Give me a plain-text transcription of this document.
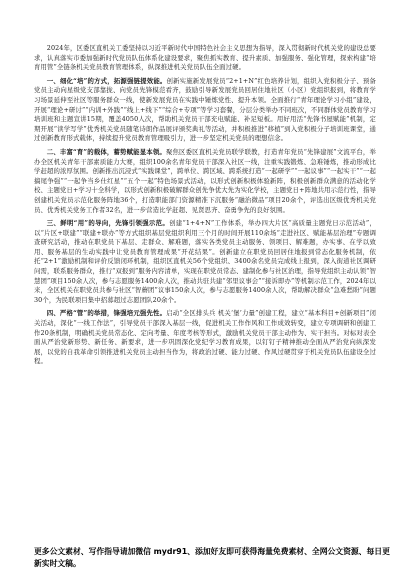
2024年，区委区直机关工委坚持以习近平新时代中国特色社会主义思想为指导，深入贯彻新时代机关党的建设总要求，认真落实市委加强新时代党员队伍体系化建设要求，聚焦抓实教育、提升素质、加强服务、强化管理，探索构建“培育用管”全链条机关党员教育管理体系，纵深推进机关党员队伍全面过硬。

一、细化“培”的方式，拓源强链提效能。创新实施新发展党员“2+1+N”红色培养计划，组织入党积极分子、预备党员主动向星级党支部靠拢、向党员先锋模范看齐，鼓励引导新发展党员回居住地社区（小区）党组织报到，将教育学习场景延伸至社区等服务群众一线，使新发展党员在实践中锤炼党性、提升本领。全面推行“青年理论学习小组”建设，开展“理论+研讨”“内训+外践”“线上+线下”“综合+专项”等学习套餐，分层分类举办不同班次，不同群体党员教育学习培训班和主题宣讲15期，覆盖4050人次，帮助机关党员干部充电赋能、补足短板。用好用活“先锋书屋赋能”机制，定期开展“读学写学”优秀机关党员随笔诗朗作品展评颁奖典礼等活动，并积极推进“移植”到入党积极分子培训班课堂，通过创新教育形式载体，持续提升党员教育管理吸引力，进一步坚定机关党员的理想信念。

二、丰富“育”的载体，蓄势赋能显本领。聚焦区委区直机关党员联学联教，打造青年党员“先锋建展”文流平台，举办全区机关青年干部素质能力大赛，组织100余名青年党员干部深入社区一线，注重实践锻炼、急难锤炼，推动形成比学赶超的浓厚氛围。创新推出沉浸式“实践课堂”，跨单位、跨区域、跨系统打造“一起研学”“一起议事”“一起实干”“一起搞尾争强”“一起争当乡仕红星”“五个一起”特色场景式活动，以形式创新积极体验新阵，积极创新群众满意的活动化学校、主题党日+学习十全科学，以形式创新积极破解群众创先争优大先为实化学校，主题党日+阵地共用示范行性，指导创建机关党员示范化服务阵地36个，打造职能部门资源精准下沉服务“融治微品”项目20余个，评选出区级优秀机关党员、优秀机关党务工作者32名，进一步营造比学赶超、见贤思齐、奋勇争先的良好氛围。

三、鲜明“用”的导向，先锋引领强示范。创建“1+4+N”工作体系，举办四大片区“高质量主题党日示范活动”，以“片区+联建”“联建+联办”等方式组织基层党组织利用三个月的时间开展110余场“走进社区、赋能基层治理”专题调查研究活动，推动在职党员下基层、走群众、解难题，落实各类党员主动服务、领项目、解难题，办实事、在学以致用、服务基层的生动实践中让党员教育管理成果“开花结果”。创新建立在职党员回居住地报到常态化服务机制，依托“2+1”激励机制和评价反馈闭环机制，组织区直机关56个党组织、3400余名党员完成线上报到，深入街道社区调研问需，联系服务群众，推行“双报到”服务内容清单，实现在职党员常态、建制化参与社区治理，指导党组织主动认领“智慧团”项目150余人次，参与志愿服务1400余人次，推动共驻共建“邻里议事会”“接诉即办”等机制示范工作，2024年以来，全区机关在职党员共参与社区“智蘑团”议事150余人次，参与志愿服务1400余人次，帮助解决群众“急难愁盼”问题30个，为民联项目集中招募超过志愿团队20余个。

四、严格“管”的举措，锋强培元强先性。启动“全区排头兵 机关‘堡’力量”创建工程，建立“基本科目+创新项目”闭关活动，深化“一线工作法”，引导党员干部深入基层一线，促进机关工作作风和工作成效转变，建立专项调研和创建工作20条机制，明确机关党员常态化、定向考量、年度考核等形式，激励机关党员干部主动作为、实干担当。对标对表全面从严治党新形势、新任务、新要求，进一步巩固深化党纪学习教育成果，以钉钉子精神推动全面从严治党向纵深发展，以党的自我革命引领推进机关党员主动担当作为，将政治过硬、能力过硬、作风过硬贯穿于机关党员队伍建设全过程。

更多公文素材、写作指导请加微信 mydr91、添加好友即可获得海量免费素材、全网公文资源、每日更新实时文稿。
